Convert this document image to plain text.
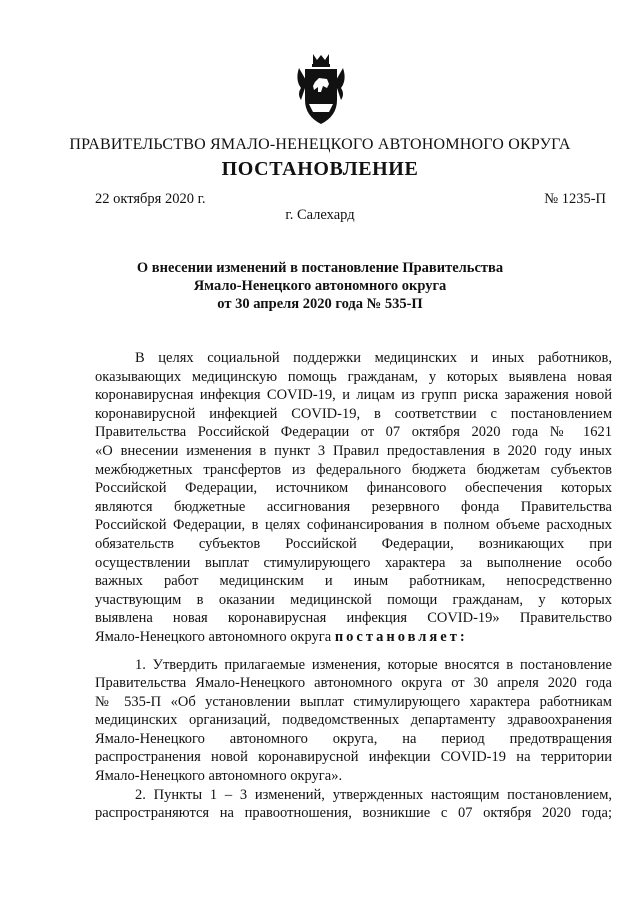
ПРАВИТЕЛЬСТВО ЯМАЛО-НЕНЕЦКОГО АВТОНОМНОГО ОКРУГА
ПОСТАНОВЛЕНИЕ
22 октября 2020 г.	№ 1235-П
г. Салехард
О внесении изменений в постановление Правительства
Ямало-Ненецкого автономного округа
от 30 апреля 2020 года № 535-П
В целях социальной поддержки медицинских и иных работников,
оказывающих медицинскую помощь гражданам, у которых выявлена новая
коронавирусная инфекция COVID-19, и лицам из групп риска заражения новой
коронавирусной инфекцией COVID-19, в соответствии с постановлением
Правительства Российской Федерации от 07 октября 2020 года № 1621
«О внесении изменения в пункт 3 Правил предоставления в 2020 году иных
межбюджетных трансфертов из федерального бюджета бюджетам субъектов
Российской Федерации, источником финансового обеспечения которых
являются бюджетные ассигнования резервного фонда Правительства
Российской Федерации, в целях софинансирования в полном объеме расходных
обязательств субъектов Российской Федерации, возникающих при
осуществлении выплат стимулирующего характера за выполнение особо
важных работ медицинским и иным работникам, непосредственно
участвующим в оказании медицинской помощи гражданам, у которых
выявлена новая коронавирусная инфекция COVID-19» Правительство
Ямало-Ненецкого автономного округа постановляет:
1. Утвердить прилагаемые изменения, которые вносятся в постановление
Правительства Ямало-Ненецкого автономного округа от 30 апреля 2020 года
№ 535-П «Об установлении выплат стимулирующего характера работникам
медицинских организаций, подведомственных департаменту здравоохранения
Ямало-Ненецкого автономного округа, на период предотвращения
распространения новой коронавирусной инфекции COVID-19 на территории
Ямало-Ненецкого автономного округа».
2. Пункты 1 – 3 изменений, утвержденных настоящим постановлением,
распространяются на правоотношения, возникшие с 07 октября 2020 года;
